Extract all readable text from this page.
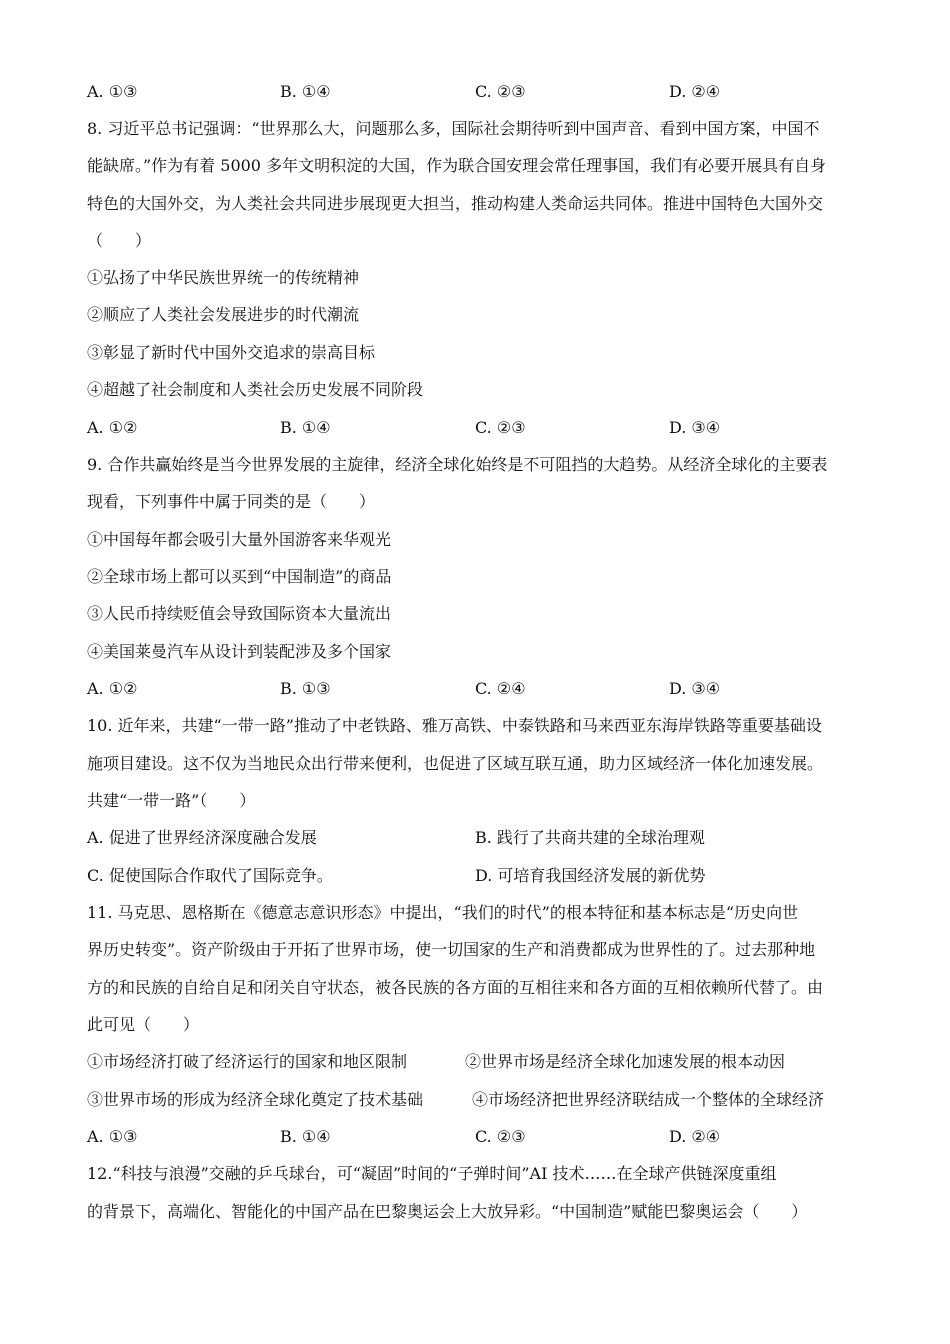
A. ①③	B. ①④	C. ②③	D. ②④
8. 习近平总书记强调：“世界那么大，问题那么多，国际社会期待听到中国声音、看到中国方案，中国不
能缺席。”作为有着 5000 多年文明积淀的大国，作为联合国安理会常任理事国，我们有必要开展具有自身
特色的大国外交，为人类社会共同进步展现更大担当，推动构建人类命运共同体。推进中国特色大国外交
（　　）
①弘扬了中华民族世界统一的传统精神
②顺应了人类社会发展进步的时代潮流
③彰显了新时代中国外交追求的崇高目标
④超越了社会制度和人类社会历史发展不同阶段
A. ①②	B. ①④	C. ②③	D. ③④
9. 合作共赢始终是当今世界发展的主旋律，经济全球化始终是不可阻挡的大趋势。从经济全球化的主要表
现看，下列事件中属于同类的是（　　）
①中国每年都会吸引大量外国游客来华观光
②全球市场上都可以买到“中国制造”的商品
③人民币持续贬值会导致国际资本大量流出
④美国莱曼汽车从设计到装配涉及多个国家
A. ①②	B. ①③	C. ②④	D. ③④
10. 近年来，共建“一带一路”推动了中老铁路、雅万高铁、中泰铁路和马来西亚东海岸铁路等重要基础设
施项目建设。这不仅为当地民众出行带来便利，也促进了区域互联互通，助力区域经济一体化加速发展。
共建“一带一路”（　　）
A. 促进了世界经济深度融合发展	B. 践行了共商共建的全球治理观
C. 促使国际合作取代了国际竞争。	D. 可培育我国经济发展的新优势
11. 马克思、恩格斯在《德意志意识形态》中提出，“我们的时代”的根本特征和基本标志是“历史向世
界历史转变”。资产阶级由于开拓了世界市场，使一切国家的生产和消费都成为世界性的了。过去那种地
方的和民族的自给自足和闭关自守状态，被各民族的各方面的互相往来和各方面的互相依赖所代替了。由
此可见（　　）
①市场经济打破了经济运行的国家和地区限制	②世界市场是经济全球化加速发展的根本动因
③世界市场的形成为经济全球化奠定了技术基础	④市场经济把世界经济联结成一个整体的全球经济
A. ①③	B. ①④	C. ②③	D. ②④
12.“科技与浪漫”交融的乒乓球台，可“凝固”时间的“子弹时间”AI 技术……在全球产供链深度重组
的背景下，高端化、智能化的中国产品在巴黎奥运会上大放异彩。“中国制造”赋能巴黎奥运会（　　）
